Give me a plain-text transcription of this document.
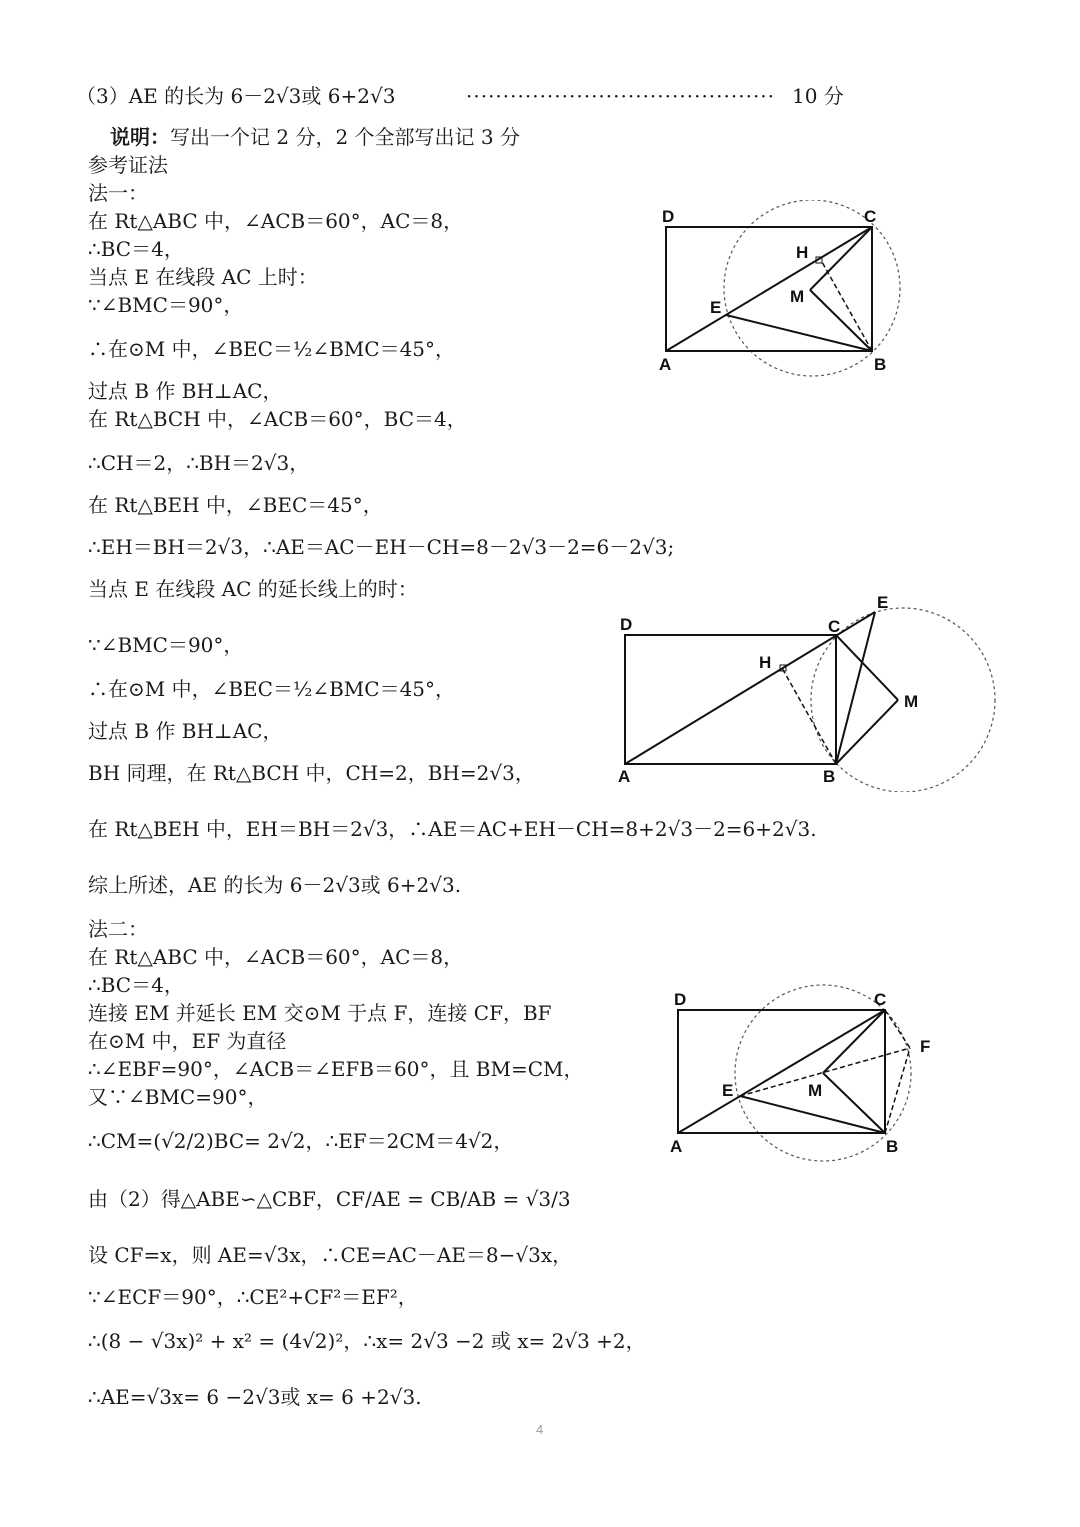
（3）AE 的长为 6－2√3或 6+2√3	·········································· 10 分
说明：写出一个记 2 分，2 个全部写出记 3 分
参考证法
法一：
在 Rt△ABC 中，∠ACB＝60°，AC＝8，
∴BC＝4，
当点 E 在线段 AC 上时：
∵∠BMC＝90°，
∴在⊙M 中，∠BEC＝½∠BMC＝45°，
过点 B 作 BH⊥AC，
在 Rt△BCH 中，∠ACB＝60°，BC＝4，
∴CH＝2，∴BH＝2√3，
在 Rt△BEH 中，∠BEC＝45°，
∴EH＝BH＝2√3，∴AE＝AC－EH－CH=8－2√3－2=6－2√3;
当点 E 在线段 AC 的延长线上的时：
∵∠BMC＝90°，
∴在⊙M 中，∠BEC＝½∠BMC＝45°，
过点 B 作 BH⊥AC，
BH 同理，在 Rt△BCH 中，CH=2，BH=2√3，
在 Rt△BEH 中，EH＝BH＝2√3，∴AE＝AC+EH－CH=8+2√3－2=6+2√3.
综上所述，AE 的长为 6－2√3或 6+2√3.
法二：
在 Rt△ABC 中，∠ACB＝60°，AC＝8，
∴BC＝4，
连接 EM 并延长 EM 交⊙M 于点 F，连接 CF，BF
在⊙M 中，EF 为直径
∴∠EBF=90°，∠ACB＝∠EFB＝60°，且 BM=CM，
又∵∠BMC=90°，
∴CM=(√2/2)BC= 2√2，∴EF＝2CM＝4√2，
由（2）得△ABE∽△CBF，CF/AE = CB/AB = √3/3
设 CF=x，则 AE=√3x，∴CE=AC－AE＝8−√3x，
∵∠ECF＝90°，∴CE²+CF²＝EF²，
∴(8 − √3x)² + x² = (4√2)²，∴x= 2√3 −2 或 x= 2√3 +2，
∴AE=√3x= 6 −2√3或 x= 6 +2√3.
D	C
H
M
E
A	B
D	C
E
H
M
A	B
D	C
F
E	M
A	B
4
